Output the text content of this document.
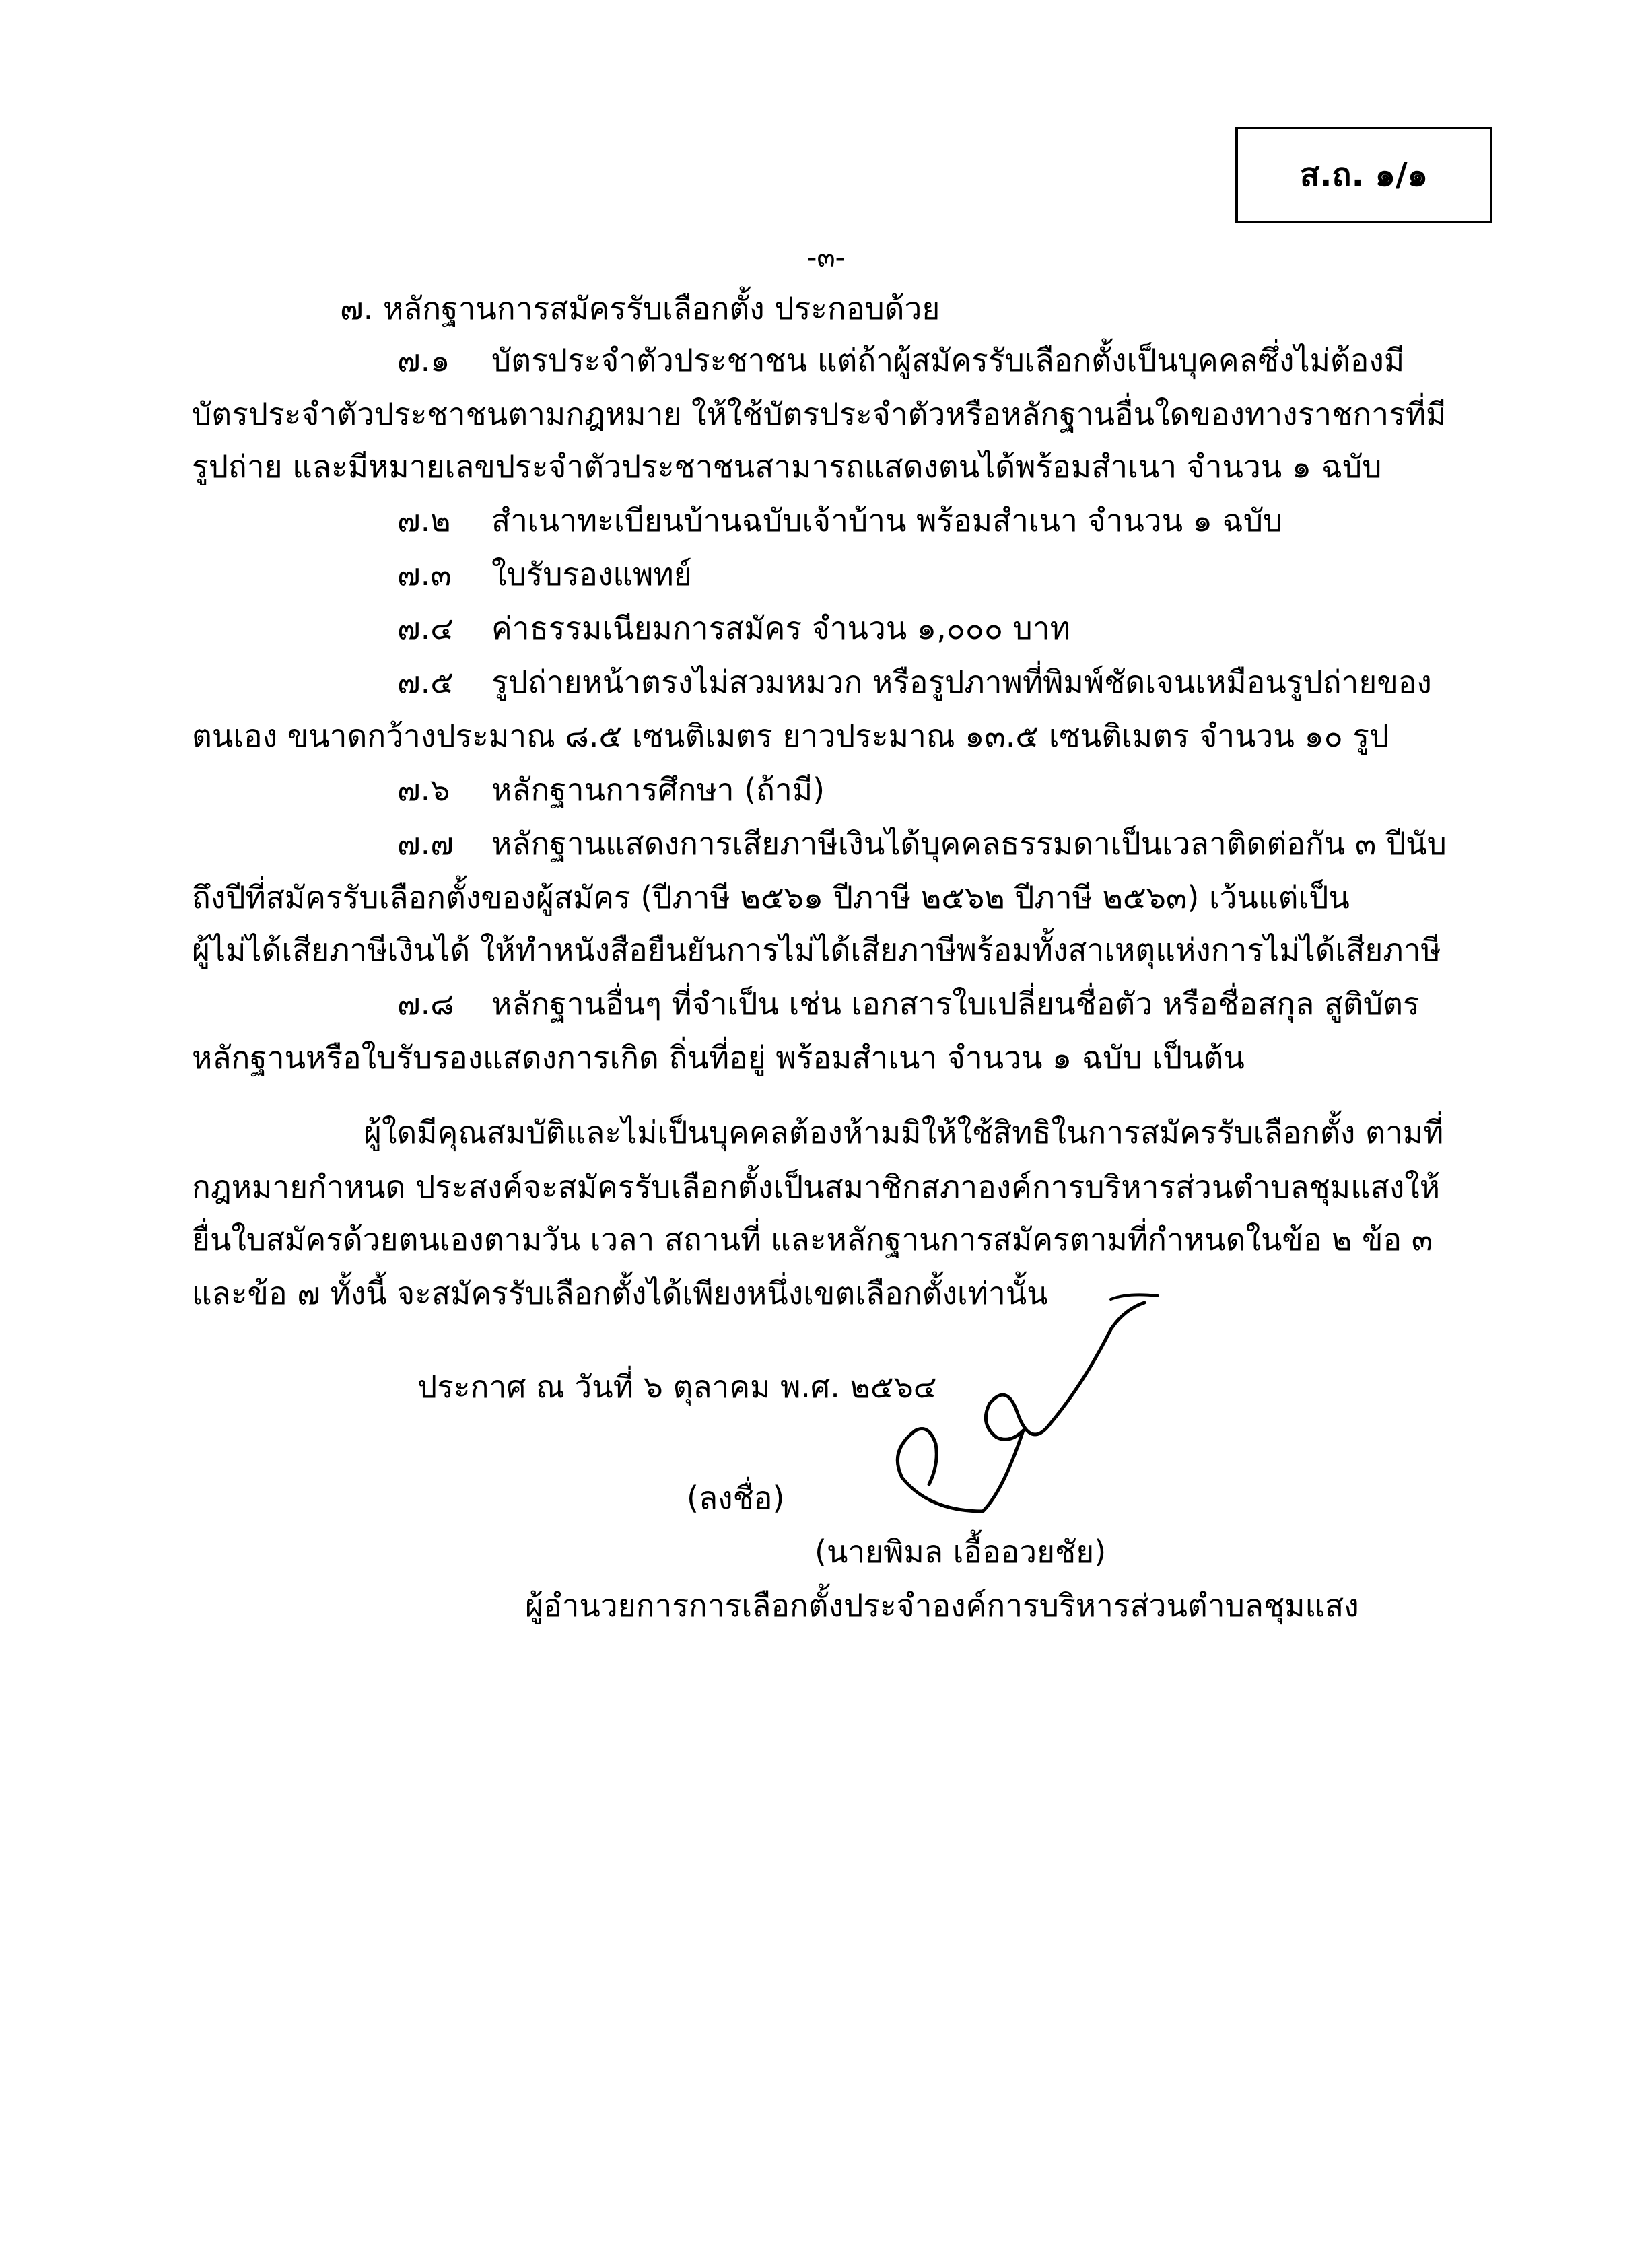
ส.ถ. ๑/๑
-๓-
๗. หลักฐานการสมัครรับเลือกตั้ง ประกอบด้วย
๗.๑ บัตรประจำตัวประชาชน แต่ถ้าผู้สมัครรับเลือกตั้งเป็นบุคคลซึ่งไม่ต้องมี
บัตรประจำตัวประชาชนตามกฎหมาย ให้ใช้บัตรประจำตัวหรือหลักฐานอื่นใดของทางราชการที่มี
รูปถ่าย และมีหมายเลขประจำตัวประชาชนสามารถแสดงตนได้พร้อมสำเนา จำนวน ๑ ฉบับ
๗.๒ สำเนาทะเบียนบ้านฉบับเจ้าบ้าน พร้อมสำเนา จำนวน ๑ ฉบับ
๗.๓ ใบรับรองแพทย์
๗.๔ ค่าธรรมเนียมการสมัคร จำนวน ๑,๐๐๐ บาท
๗.๕ รูปถ่ายหน้าตรงไม่สวมหมวก หรือรูปภาพที่พิมพ์ชัดเจนเหมือนรูปถ่ายของ
ตนเอง ขนาดกว้างประมาณ ๘.๕ เซนติเมตร ยาวประมาณ ๑๓.๕ เซนติเมตร จำนวน ๑๐ รูป
๗.๖ หลักฐานการศึกษา (ถ้ามี)
๗.๗ หลักฐานแสดงการเสียภาษีเงินได้บุคคลธรรมดาเป็นเวลาติดต่อกัน ๓ ปีนับ
ถึงปีที่สมัครรับเลือกตั้งของผู้สมัคร (ปีภาษี ๒๕๖๑ ปีภาษี ๒๕๖๒ ปีภาษี ๒๕๖๓) เว้นแต่เป็น
ผู้ไม่ได้เสียภาษีเงินได้ ให้ทำหนังสือยืนยันการไม่ได้เสียภาษีพร้อมทั้งสาเหตุแห่งการไม่ได้เสียภาษี
๗.๘ หลักฐานอื่นๆ ที่จำเป็น เช่น เอกสารใบเปลี่ยนชื่อตัว หรือชื่อสกุล สูติบัตร
หลักฐานหรือใบรับรองแสดงการเกิด ถิ่นที่อยู่ พร้อมสำเนา จำนวน ๑ ฉบับ เป็นต้น
ผู้ใดมีคุณสมบัติและไม่เป็นบุคคลต้องห้ามมิให้ใช้สิทธิในการสมัครรับเลือกตั้ง ตามที่
กฎหมายกำหนด ประสงค์จะสมัครรับเลือกตั้งเป็นสมาชิกสภาองค์การบริหารส่วนตำบลชุมแสงให้
ยื่นใบสมัครด้วยตนเองตามวัน เวลา สถานที่ และหลักฐานการสมัครตามที่กำหนดในข้อ ๒ ข้อ ๓
และข้อ ๗ ทั้งนี้ จะสมัครรับเลือกตั้งได้เพียงหนึ่งเขตเลือกตั้งเท่านั้น
ประกาศ ณ วันที่ ๖ ตุลาคม พ.ศ. ๒๕๖๔
(ลงชื่อ)
(นายพิมล เอื้ออวยชัย)
ผู้อำนวยการการเลือกตั้งประจำองค์การบริหารส่วนตำบลชุมแสง
